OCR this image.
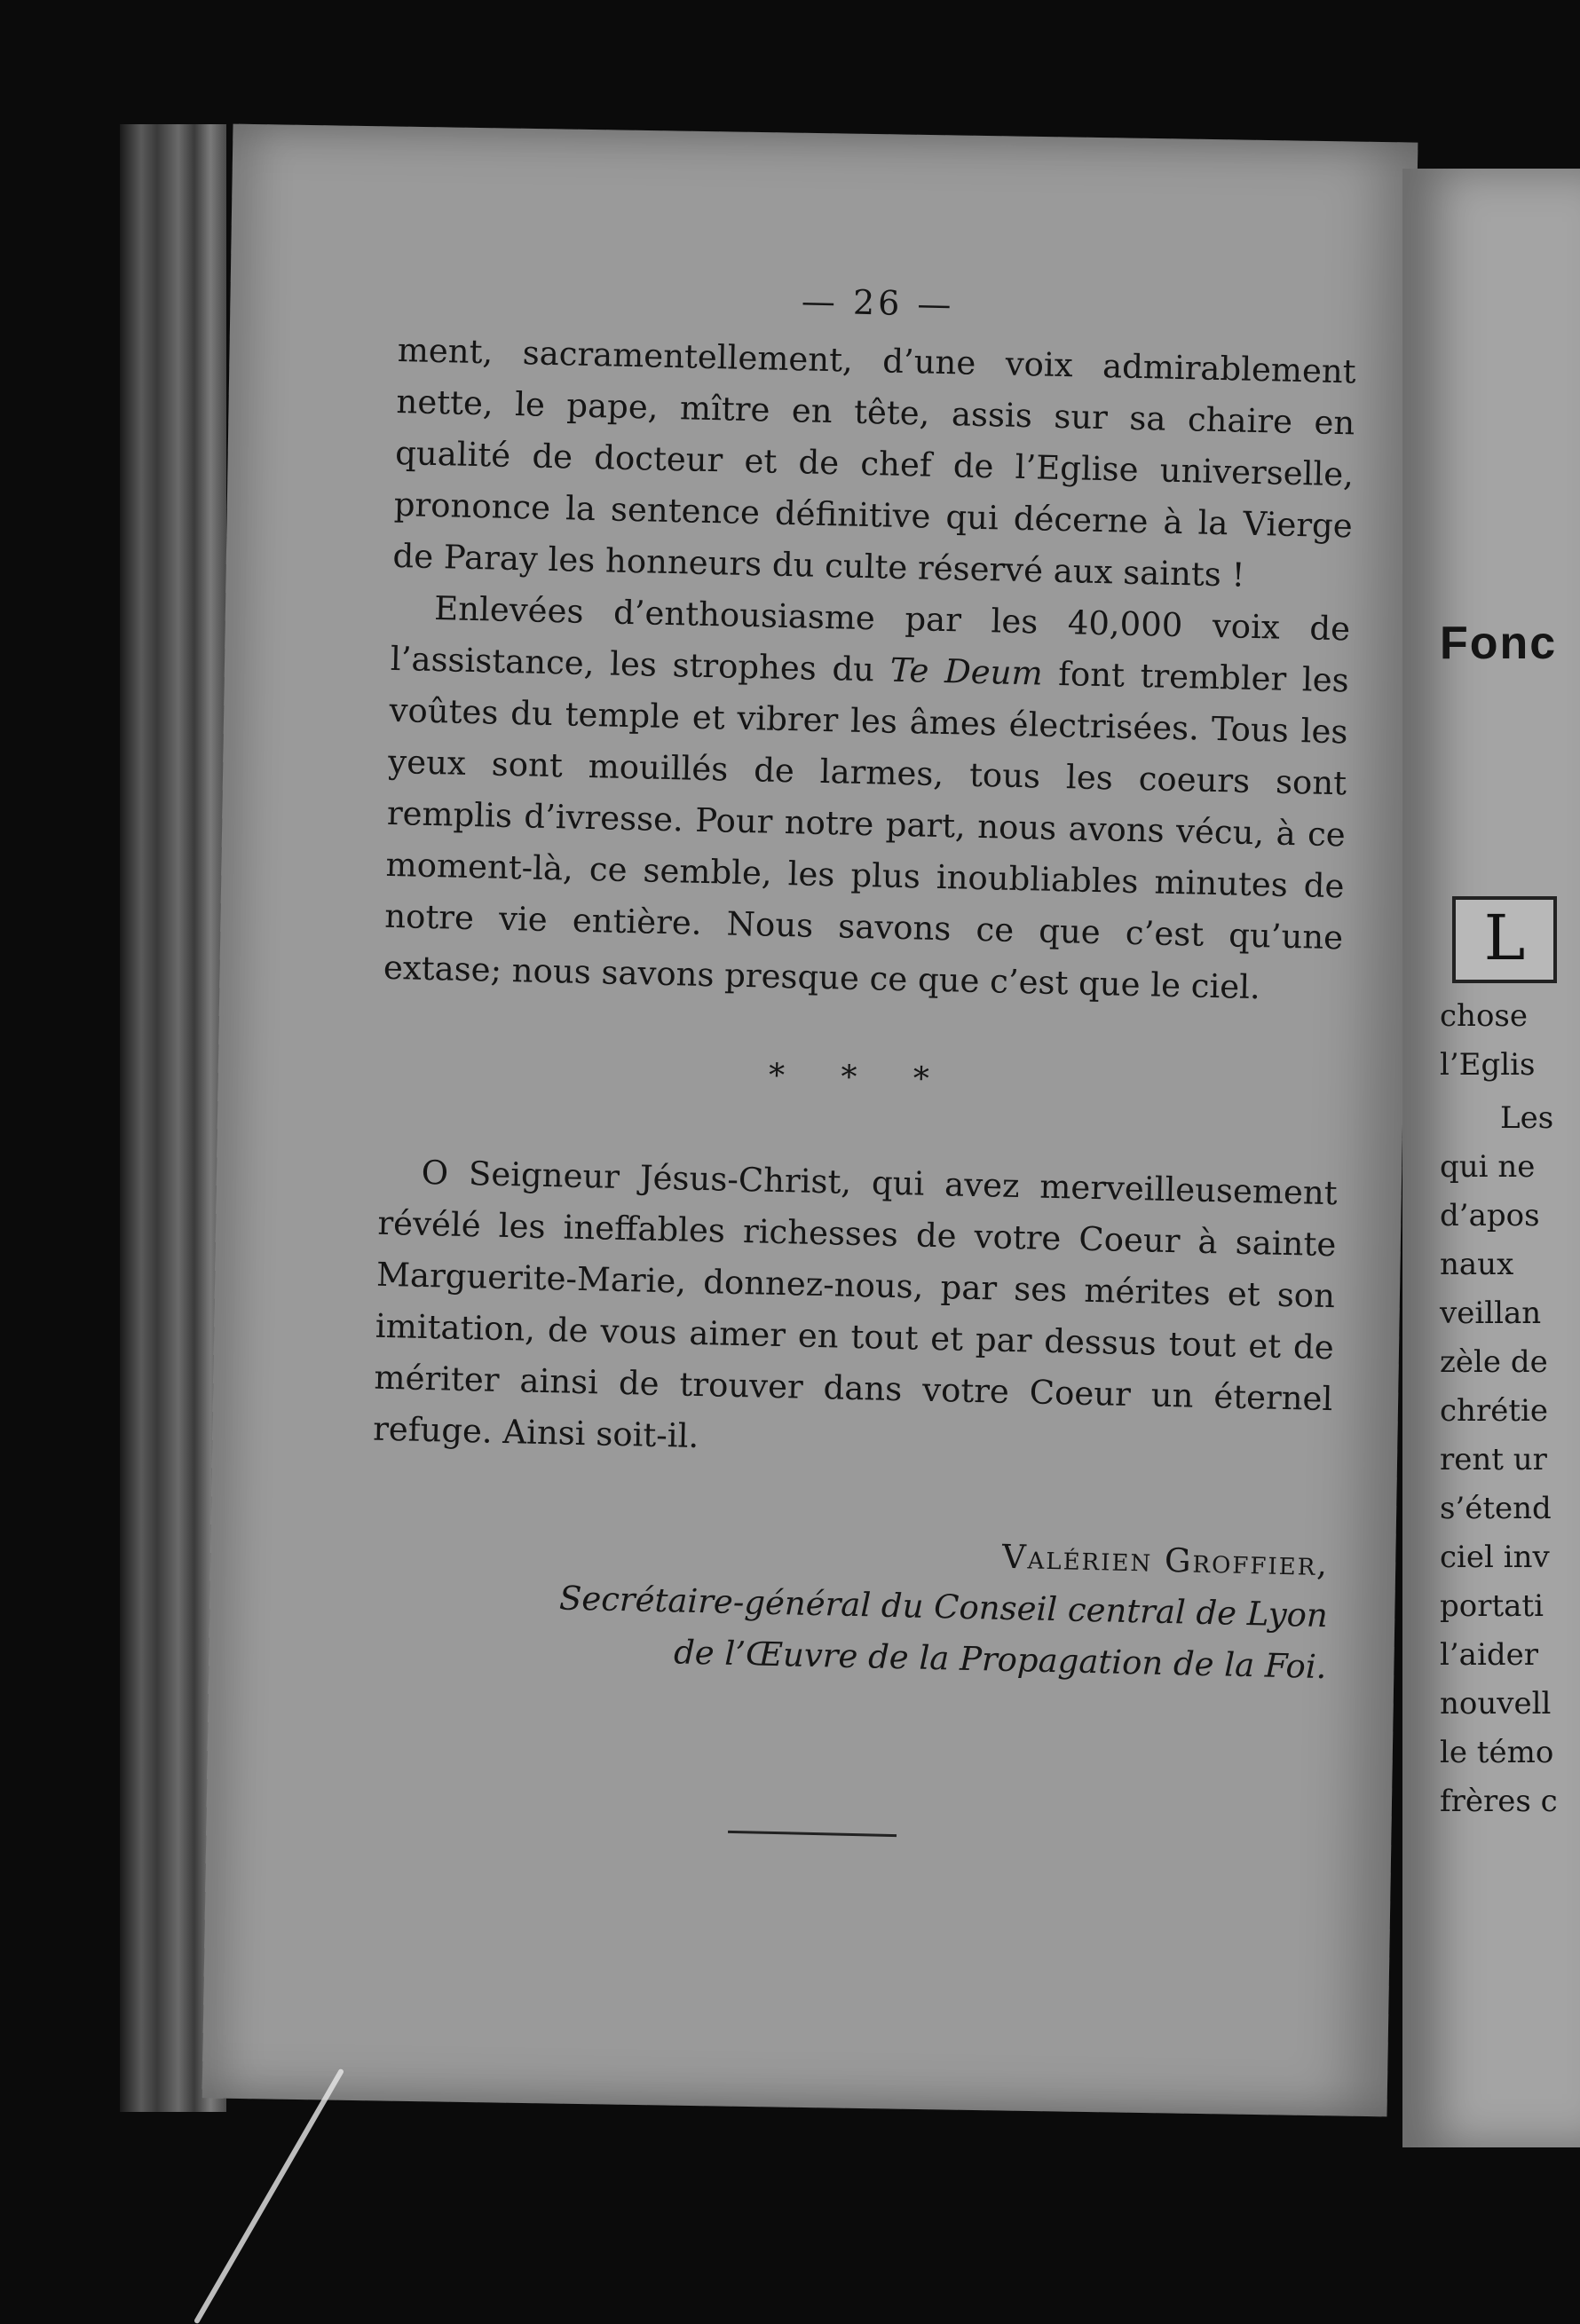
— 26 —

ment, sacramentellement, d’une voix admirablement nette, le pape, mître en tête, assis sur sa chaire en qualité de docteur et de chef de l’Eglise universelle, prononce la sentence définitive qui décerne à la Vierge de Paray les honneurs du culte réservé aux saints !

Enlevées d’enthousiasme par les 40,000 voix de l’assistance, les strophes du Te Deum font trembler les voûtes du temple et vibrer les âmes électrisées. Tous les yeux sont mouillés de larmes, tous les coeurs sont remplis d’ivresse. Pour notre part, nous avons vécu, à ce moment-là, ce semble, les plus inoubliables minutes de notre vie entière. Nous savons ce que c’est qu’une extase; nous savons presque ce que c’est que le ciel.

* * *

O Seigneur Jésus-Christ, qui avez merveilleusement révélé les ineffables richesses de votre Coeur à sainte Marguerite-Marie, donnez-nous, par ses mérites et son imitation, de vous aimer en tout et par dessus tout et de mériter ainsi de trouver dans votre Coeur un éternel refuge. Ainsi soit-il.

Valérien Groffier,
Secrétaire-général du Conseil central de Lyon
de l’Œuvre de la Propagation de la Foi.
Fonc
L
chose
l’Eglis
Les
qui ne
d’apos
naux
veillan
zèle de
chrétie
rent ur
s’étend
ciel inv
portati
l’aider
nouvell
le témo
frères c
